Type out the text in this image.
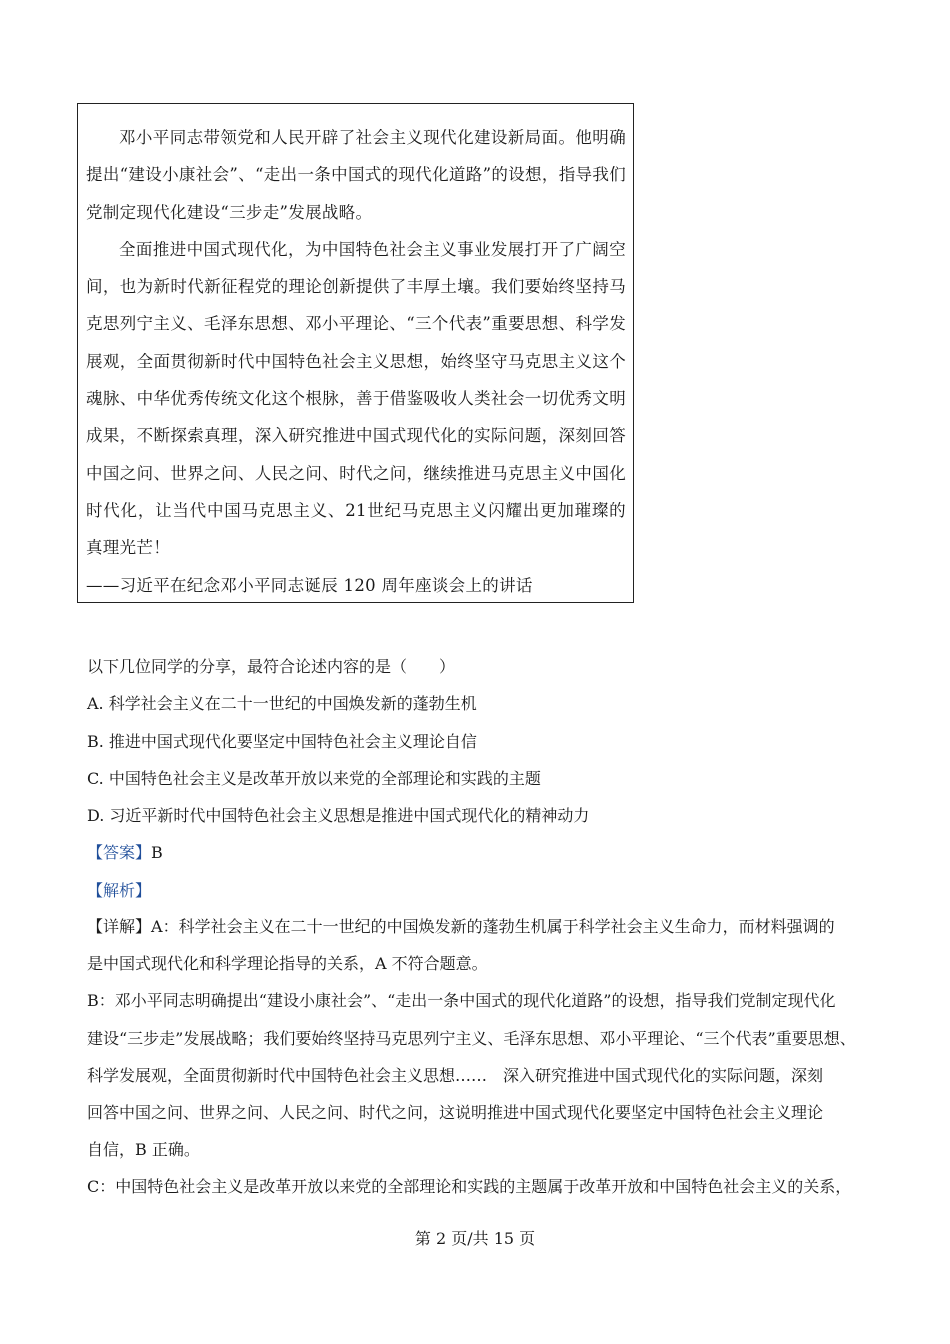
邓小平同志带领党和人民开辟了社会主义现代化建设新局面。他明确提出“建设小康社会”、“走出一条中国式的现代化道路”的设想，指导我们党制定现代化建设“三步走”发展战略。

全面推进中国式现代化，为中国特色社会主义事业发展打开了广阔空间，也为新时代新征程党的理论创新提供了丰厚土壤。我们要始终坚持马克思列宁主义、毛泽东思想、邓小平理论、“三个代表”重要思想、科学发展观，全面贯彻新时代中国特色社会主义思想，始终坚守马克思主义这个魂脉、中华优秀传统文化这个根脉，善于借鉴吸收人类社会一切优秀文明成果，不断探索真理，深入研究推进中国式现代化的实际问题，深刻回答中国之问、世界之问、人民之问、时代之问，继续推进马克思主义中国化时代化，让当代中国马克思主义、21世纪马克思主义闪耀出更加璀璨的真理光芒！

——习近平在纪念邓小平同志诞辰 120 周年座谈会上的讲话

以下几位同学的分享，最符合论述内容的是（　　）

A. 科学社会主义在二十一世纪的中国焕发新的蓬勃生机

B. 推进中国式现代化要坚定中国特色社会主义理论自信

C. 中国特色社会主义是改革开放以来党的全部理论和实践的主题

D. 习近平新时代中国特色社会主义思想是推进中国式现代化的精神动力

【答案】B

【解析】

【详解】A：科学社会主义在二十一世纪的中国焕发新的蓬勃生机属于科学社会主义生命力，而材料强调的

是中国式现代化和科学理论指导的关系，A 不符合题意。

B：邓小平同志明确提出“建设小康社会”、“走出一条中国式的现代化道路”的设想，指导我们党制定现代化

建设“三步走”发展战略；我们要始终坚持马克思列宁主义、毛泽东思想、邓小平理论、“三个代表”重要思想、

科学发展观，全面贯彻新时代中国特色社会主义思想……　深入研究推进中国式现代化的实际问题，深刻

回答中国之问、世界之问、人民之问、时代之问，这说明推进中国式现代化要坚定中国特色社会主义理论

自信，B 正确。

C：中国特色社会主义是改革开放以来党的全部理论和实践的主题属于改革开放和中国特色社会主义的关系，

第 2 页/共 15 页
